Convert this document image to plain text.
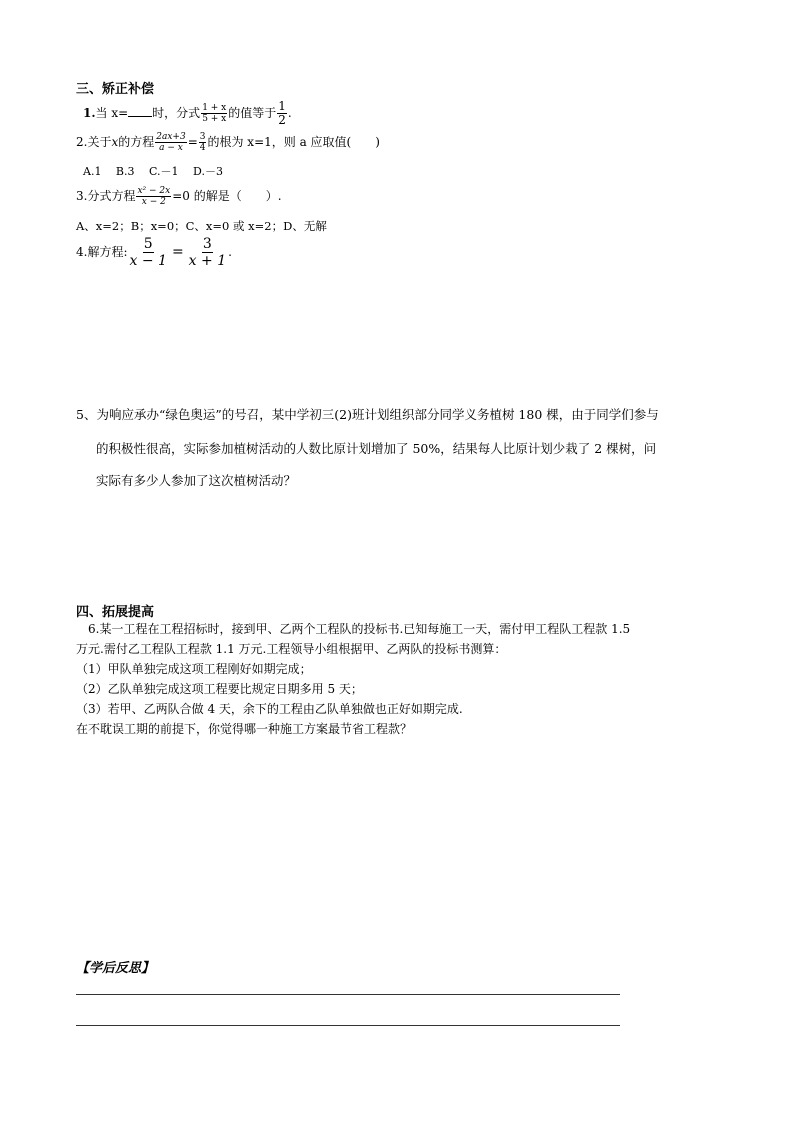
三、矫正补偿
1.当 x= 时，分式 $\frac{1 + x}{5 + x}$ 的值等于 $\frac{1}{2}$ .
2.关于x的方程 $\frac{2ax+3}{a - x} = \frac{3}{4}$ 的根为 x=1，则 a 应取值(　　)
A.1　 B.3　 C.－1　 D.－3
3.分式方程 $\frac{\text{x² − 2x}}{x - 2} =0$ 的解是（　　）.
A、x=2；B；x=0；C、x=0 或 x=2；D、无解
4.解方程: $\frac{5}{x - 1} = \frac{3}{x + 1}$ .
5、为响应承办“绿色奥运”的号召，某中学初三(2)班计划组织部分同学义务植树 180 棵，由于同学们参与
的积极性很高，实际参加植树活动的人数比原计划增加了 50%，结果每人比原计划少栽了 2 棵树，问
实际有多少人参加了这次植树活动？
四、拓展提高
6.某一工程在工程招标时，接到甲、乙两个工程队的投标书.已知每施工一天，需付甲工程队工程款 1.5
万元.需付乙工程队工程款 1.1 万元.工程领导小组根据甲、乙两队的投标书测算：
（1）甲队单独完成这项工程刚好如期完成；
（2）乙队单独完成这项工程要比规定日期多用 5 天；
（3）若甲、乙两队合做 4 天，余下的工程由乙队单独做也正好如期完成.
在不耽误工期的前提下，你觉得哪一种施工方案最节省工程款？
【学后反思】
